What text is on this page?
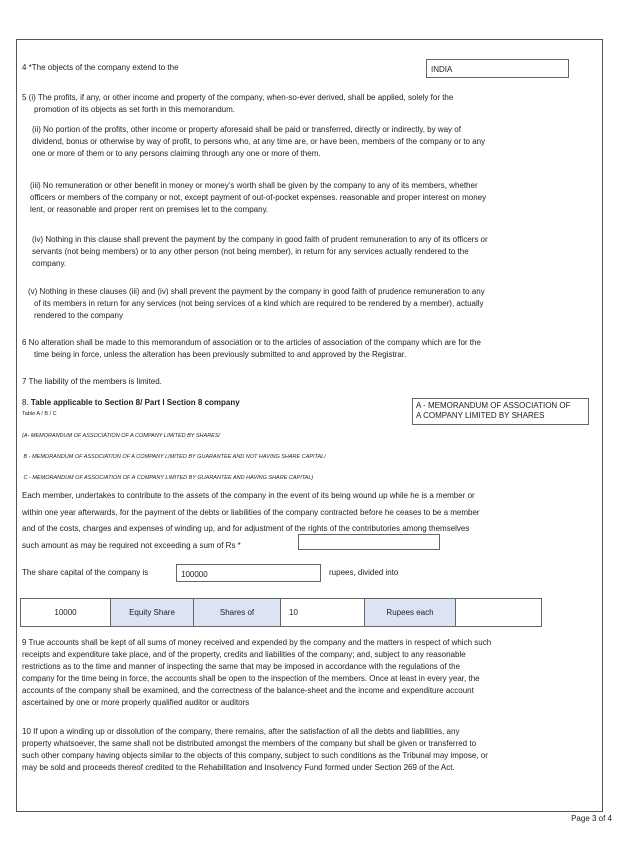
4 *The objects of the company extend to the	INDIA
5 (i) The profits, if any, or other income and property of the company, when-so-ever derived, shall be applied, solely for the
promotion of its objects as set forth in this memorandum.
(ii) No portion of the profits, other income or property aforesaid shall be paid or transferred, directly or indirectly, by way of
dividend, bonus or otherwise by way of profit, to persons who, at any time are, or have been, members of the company or to any
one or more of them or to any persons claiming through any one or more of them.
(iii) No remuneration or other benefit in money or money’s worth shall be given by the company to any of its members, whether
officers or members of the company or not, except payment of out-of-pocket expenses. reasonable and proper interest on money
lent, or reasonable and proper rent on premises let to the company.
(iv) Nothing in this clause shall prevent the payment by the company in good faith of prudent remuneration to any of its officers or
servants (not being members) or to any other person (not being member), in return for any services actually rendered to the
company.
(v) Nothing in these clauses (iii) and (iv) shall prevent the payment by the company in good faith of prudence remuneration to any
of its members in return for any services (not being services of a kind which are required to be rendered by a member), actually
rendered to the company
6 No alteration shall be made to this memorandum of association or to the articles of association of the company which are for the
time being in force, unless the alteration has been previously submitted to and approved by the Registrar.
7 The liability of the members is limited.
8. Table applicable to Section 8/ Part I Section 8 company
Table A / B / C

(A- MEMORANDUM OF ASSOCIATION OF A COMPANY LIMITED BY SHARES/

B - MEMORANDUM OF ASSOCIATION OF A COMPANY LIMITED BY GUARANTEE AND NOT HAVING SHARE CAPITAL/

C - MEMORANDUM OF ASSOCIATION OF A COMPANY LIMITED BY GUARANTEE AND HAVING SHARE CAPITAL)

A - MEMORANDUM OF ASSOCIATION OF
A COMPANY LIMITED BY SHARES
Each member, undertakes to contribute to the assets of the company in the event of its being wound up while he is a member or
within one year afterwards, for the payment of the debts or liabilities of the company contracted before he ceases to be a member
and of the costs, charges and expenses of winding up, and for adjustment of the rights of the contributories among themselves
such amount as may be required not exceeding a sum of Rs *
The share capital of the company is	100000	rupees, divided into
10000	Equity Share	Shares of	10	Rupees each
9 True accounts shall be kept of all sums of money received and expended by the company and the matters in respect of which such
receipts and expenditure take place, and of the property, credits and liabilities of the company; and, subject to any reasonable
restrictions as to the time and manner of inspecting the same that may be imposed in accordance with the regulations of the
company for the time being in force, the accounts shall be open to the inspection of the members. Once at least in every year, the
accounts of the company shall be examined, and the correctness of the balance-sheet and the income and expenditure account
ascertained by one or more properly qualified auditor or auditors
10 If upon a winding up or dissolution of the company, there remains, after the satisfaction of all the debts and liabilities, any
property whatsoever, the same shall not be distributed amongst the members of the company but shall be given or transferred to
such other company having objects similar to the objects of this company, subject to such conditions as the Tribunal may impose, or
may be sold and proceeds thereof credited to the Rehabilitation and Insolvency Fund formed under Section 269 of the Act.
Page 3 of 4
